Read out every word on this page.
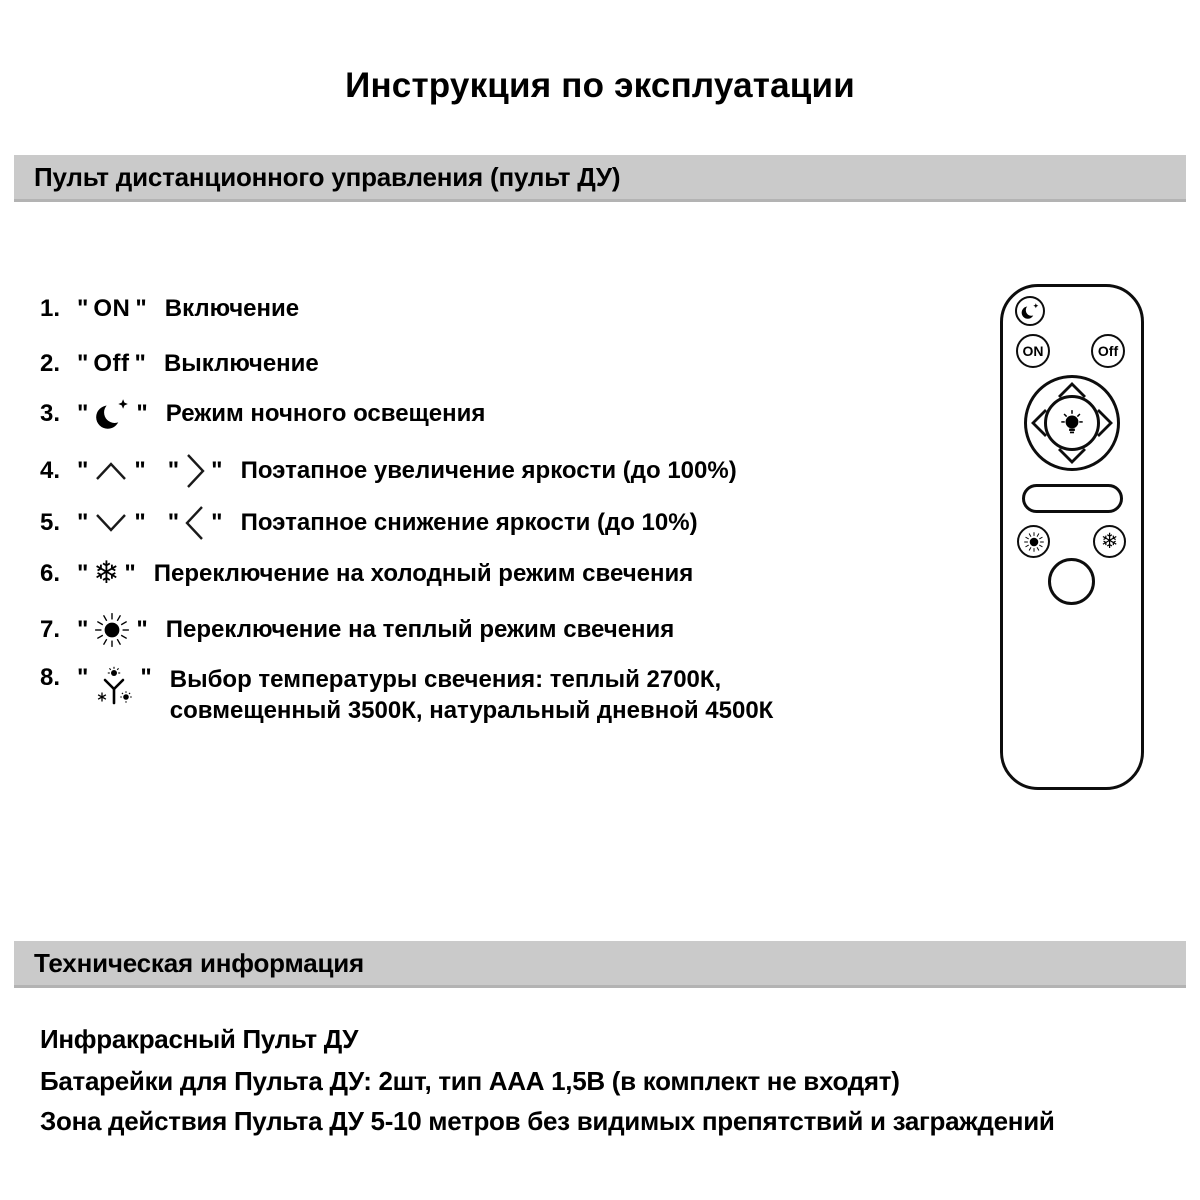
Инструкция по эксплуатации
Пульт дистанционного управления (пульт ДУ)
1. " ON " Включение
2. " Off " Выключение
3. " " Режим ночного освещения
4. " " " " Поэтапное увеличение яркости (до 100%)
5. " " " " Поэтапное снижение яркости (до 10%)
6. " ❄ " Переключение на холодный режим свечения
7. " " Переключение на теплый режим свечения
8. " " Выбор температуры свечения: теплый 2700К, совмещенный 3500К, натуральный дневной 4500К
ON	Off
❄
Техническая информация
Инфракрасный Пульт ДУ
Батарейки для Пульта ДУ: 2шт, тип ААА 1,5В (в комплект не входят)
Зона действия Пульта ДУ 5-10 метров без видимых препятствий и заграждений
